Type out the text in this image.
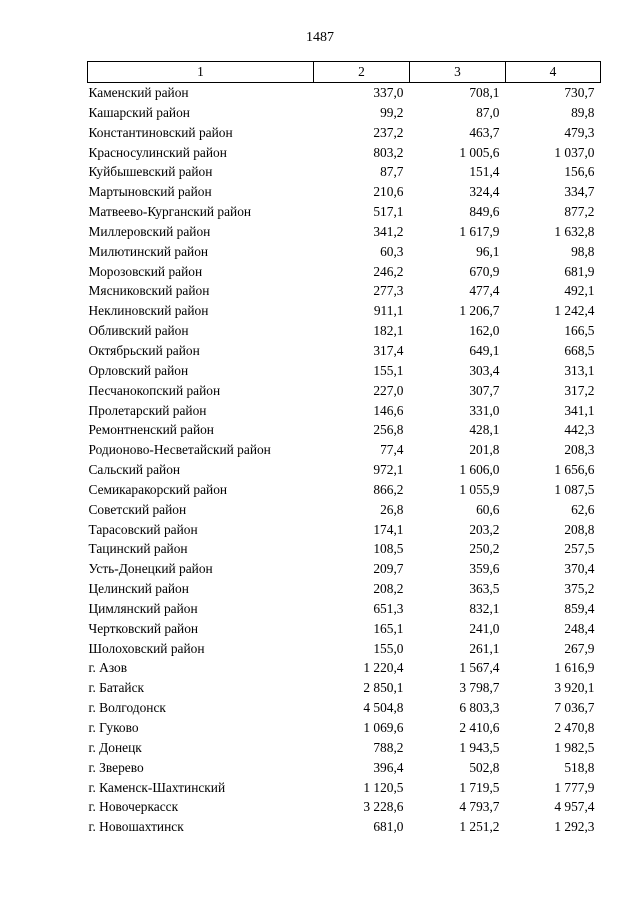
1487
1	2	3	4
Каменский район	337,0	708,1	730,7
Кашарский район	99,2	87,0	89,8
Константиновский район	237,2	463,7	479,3
Красносулинский район	803,2	1 005,6	1 037,0
Куйбышевский район	87,7	151,4	156,6
Мартыновский район	210,6	324,4	334,7
Матвеево-Курганский район	517,1	849,6	877,2
Миллеровский район	341,2	1 617,9	1 632,8
Милютинский район	60,3	96,1	98,8
Морозовский район	246,2	670,9	681,9
Мясниковский район	277,3	477,4	492,1
Неклиновский район	911,1	1 206,7	1 242,4
Обливский район	182,1	162,0	166,5
Октябрьский район	317,4	649,1	668,5
Орловский район	155,1	303,4	313,1
Песчанокопский район	227,0	307,7	317,2
Пролетарский район	146,6	331,0	341,1
Ремонтненский район	256,8	428,1	442,3
Родионово-Несветайский район	77,4	201,8	208,3
Сальский район	972,1	1 606,0	1 656,6
Семикаракорский район	866,2	1 055,9	1 087,5
Советский район	26,8	60,6	62,6
Тарасовский район	174,1	203,2	208,8
Тацинский район	108,5	250,2	257,5
Усть-Донецкий район	209,7	359,6	370,4
Целинский район	208,2	363,5	375,2
Цимлянский район	651,3	832,1	859,4
Чертковский район	165,1	241,0	248,4
Шолоховский район	155,0	261,1	267,9
г. Азов	1 220,4	1 567,4	1 616,9
г. Батайск	2 850,1	3 798,7	3 920,1
г. Волгодонск	4 504,8	6 803,3	7 036,7
г. Гуково	1 069,6	2 410,6	2 470,8
г. Донецк	788,2	1 943,5	1 982,5
г. Зверево	396,4	502,8	518,8
г. Каменск-Шахтинский	1 120,5	1 719,5	1 777,9
г. Новочеркасск	3 228,6	4 793,7	4 957,4
г. Новошахтинск	681,0	1 251,2	1 292,3
